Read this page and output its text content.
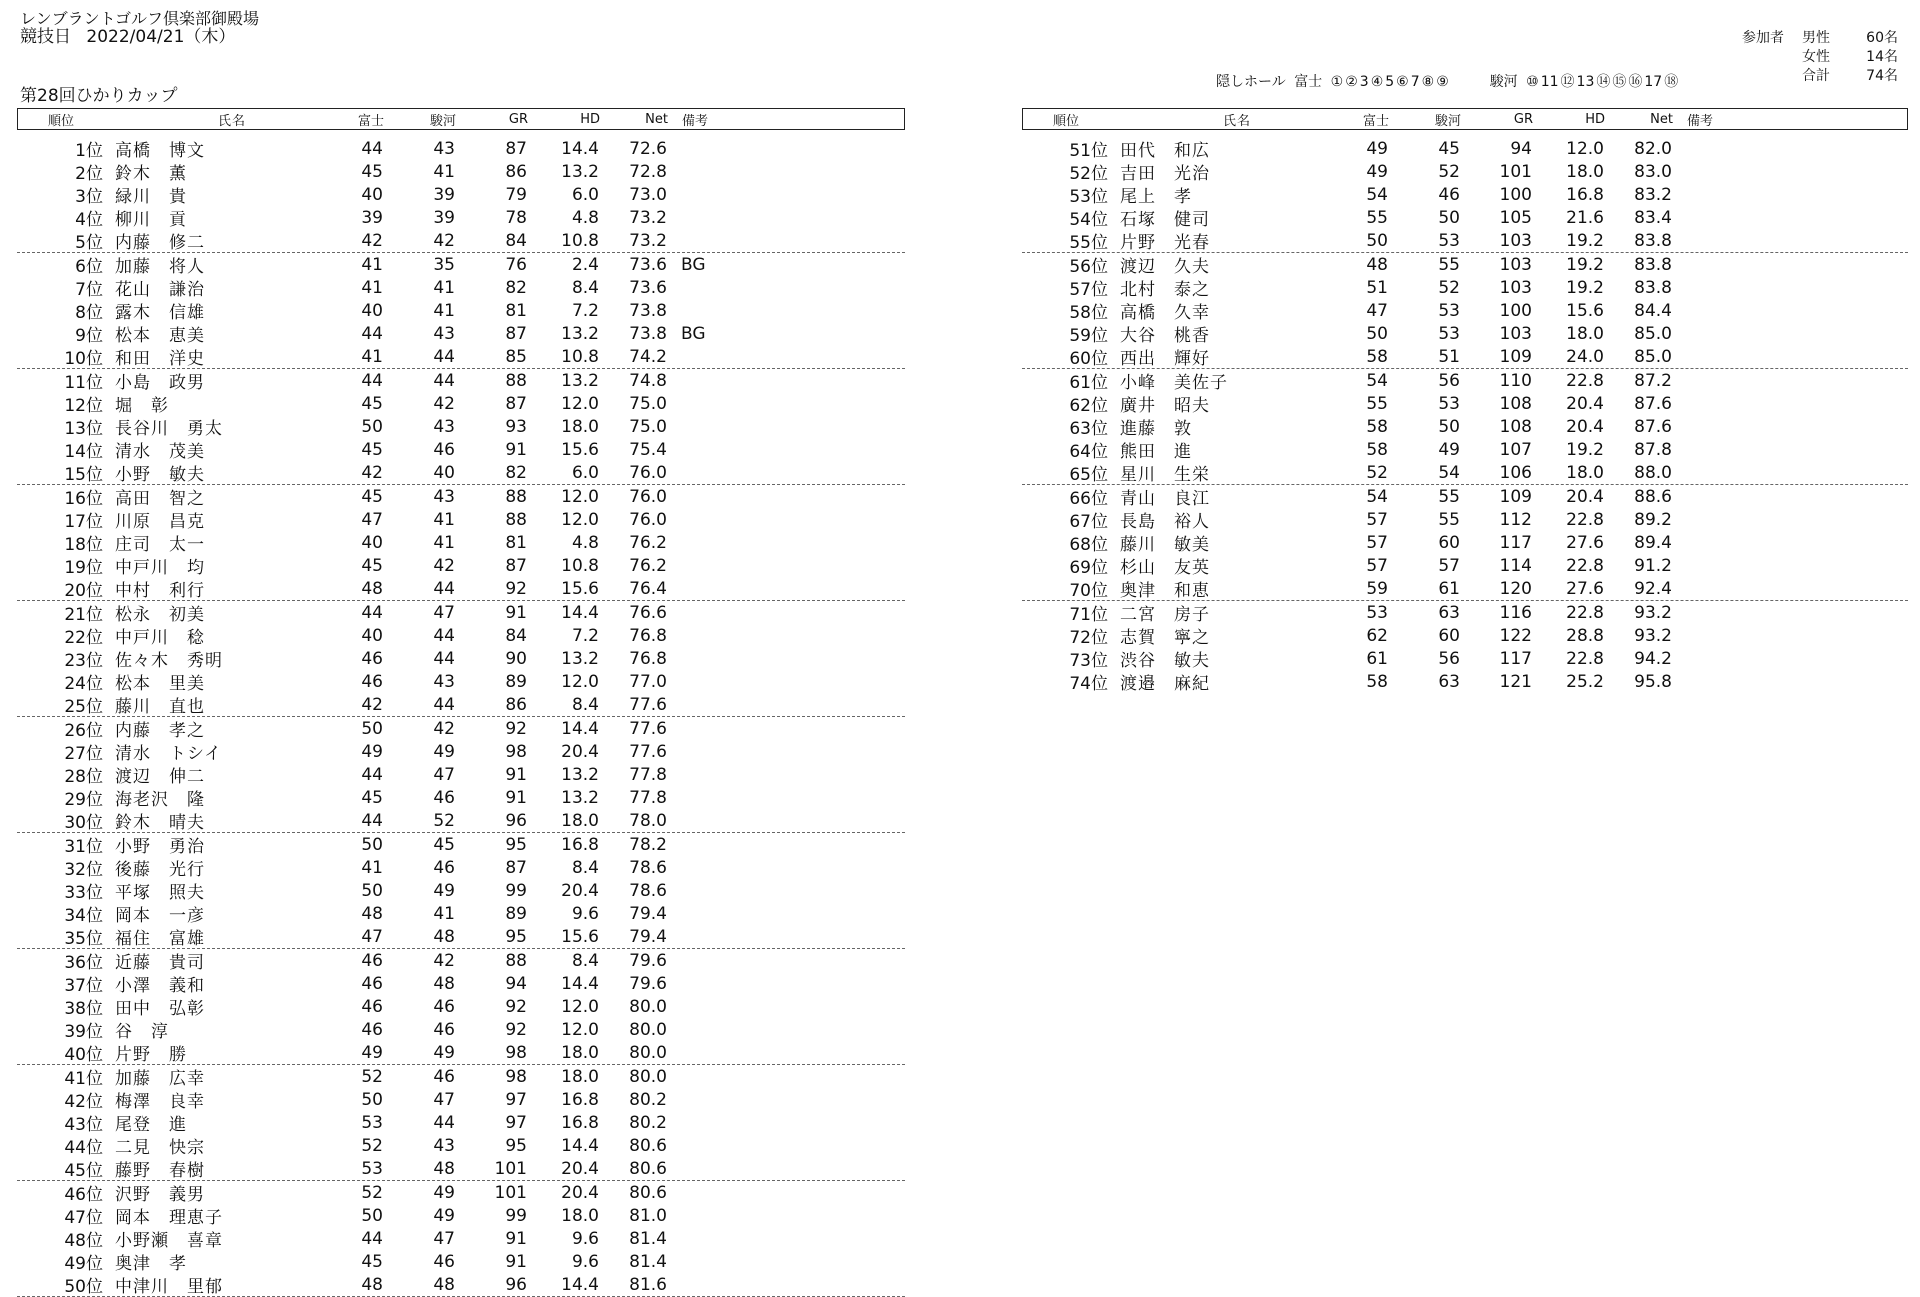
レンブラントゴルフ倶楽部御殿場
競技日 2022/04/21（木）
第28回ひかりカップ
参加者	男性	60名
女性	14名
合計	74名
隠しホール 富士 ① ② 3 ④ 5 ⑥ 7 ⑧ ⑨	駿河 ⑩ 11 ⑫ 13 ⑭ ⑮ ⑯ 17 ⑱
順位	氏名	富士	駿河	GR	HD	Net	備考
1位 高橋　博文	44	43	87	14.4	72.6
2位 鈴木　薫	45	41	86	13.2	72.8
3位 緑川　貴	40	39	79	6.0	73.0
4位 柳川　貢	39	39	78	4.8	73.2
5位 内藤　修二	42	42	84	10.8	73.2
6位 加藤　将人	41	35	76	2.4	73.6 BG
7位 花山　謙治	41	41	82	8.4	73.6
8位 露木　信雄	40	41	81	7.2	73.8
9位 松本　恵美	44	43	87	13.2	73.8 BG
10位 和田　洋史	41	44	85	10.8	74.2
11位 小島　政男	44	44	88	13.2	74.8
12位 堀　彰	45	42	87	12.0	75.0
13位 長谷川　勇太	50	43	93	18.0	75.0
14位 清水　茂美	45	46	91	15.6	75.4
15位 小野　敏夫	42	40	82	6.0	76.0
16位 高田　智之	45	43	88	12.0	76.0
17位 川原　昌克	47	41	88	12.0	76.0
18位 庄司　太一	40	41	81	4.8	76.2
19位 中戸川　均	45	42	87	10.8	76.2
20位 中村　利行	48	44	92	15.6	76.4
21位 松永　初美	44	47	91	14.4	76.6
22位 中戸川　稔	40	44	84	7.2	76.8
23位 佐々木　秀明	46	44	90	13.2	76.8
24位 松本　里美	46	43	89	12.0	77.0
25位 藤川　直也	42	44	86	8.4	77.6
26位 内藤　孝之	50	42	92	14.4	77.6
27位 清水　トシイ	49	49	98	20.4	77.6
28位 渡辺　伸二	44	47	91	13.2	77.8
29位 海老沢　隆	45	46	91	13.2	77.8
30位 鈴木　晴夫	44	52	96	18.0	78.0
31位 小野　勇治	50	45	95	16.8	78.2
32位 後藤　光行	41	46	87	8.4	78.6
33位 平塚　照夫	50	49	99	20.4	78.6
34位 岡本　一彦	48	41	89	9.6	79.4
35位 福住　富雄	47	48	95	15.6	79.4
36位 近藤　貴司	46	42	88	8.4	79.6
37位 小澤　義和	46	48	94	14.4	79.6
38位 田中　弘彰	46	46	92	12.0	80.0
39位 谷　淳	46	46	92	12.0	80.0
40位 片野　勝	49	49	98	18.0	80.0
41位 加藤　広幸	52	46	98	18.0	80.0
42位 梅澤　良幸	50	47	97	16.8	80.2
43位 尾登　進	53	44	97	16.8	80.2
44位 二見　快宗	52	43	95	14.4	80.6
45位 藤野　春樹	53	48	101	20.4	80.6
46位 沢野　義男	52	49	101	20.4	80.6
47位 岡本　理恵子	50	49	99	18.0	81.0
48位 小野瀬　喜章	44	47	91	9.6	81.4
49位 奥津　孝	45	46	91	9.6	81.4
50位 中津川　里郁	48	48	96	14.4	81.6
順位	氏名	富士	駿河	GR	HD	Net	備考
51位 田代　和広	49	45	94	12.0	82.0
52位 吉田　光治	49	52	101	18.0	83.0
53位 尾上　孝	54	46	100	16.8	83.2
54位 石塚　健司	55	50	105	21.6	83.4
55位 片野　光春	50	53	103	19.2	83.8
56位 渡辺　久夫	48	55	103	19.2	83.8
57位 北村　泰之	51	52	103	19.2	83.8
58位 高橋　久幸	47	53	100	15.6	84.4
59位 大谷　桃香	50	53	103	18.0	85.0
60位 西出　輝好	58	51	109	24.0	85.0
61位 小峰　美佐子	54	56	110	22.8	87.2
62位 廣井　昭夫	55	53	108	20.4	87.6
63位 進藤　敦	58	50	108	20.4	87.6
64位 熊田　進	58	49	107	19.2	87.8
65位 星川　生栄	52	54	106	18.0	88.0
66位 青山　良江	54	55	109	20.4	88.6
67位 長島　裕人	57	55	112	22.8	89.2
68位 藤川　敏美	57	60	117	27.6	89.4
69位 杉山　友英	57	57	114	22.8	91.2
70位 奥津　和恵	59	61	120	27.6	92.4
71位 二宮　房子	53	63	116	22.8	93.2
72位 志賀　寧之	62	60	122	28.8	93.2
73位 渋谷　敏夫	61	56	117	22.8	94.2
74位 渡邉　麻紀	58	63	121	25.2	95.8
